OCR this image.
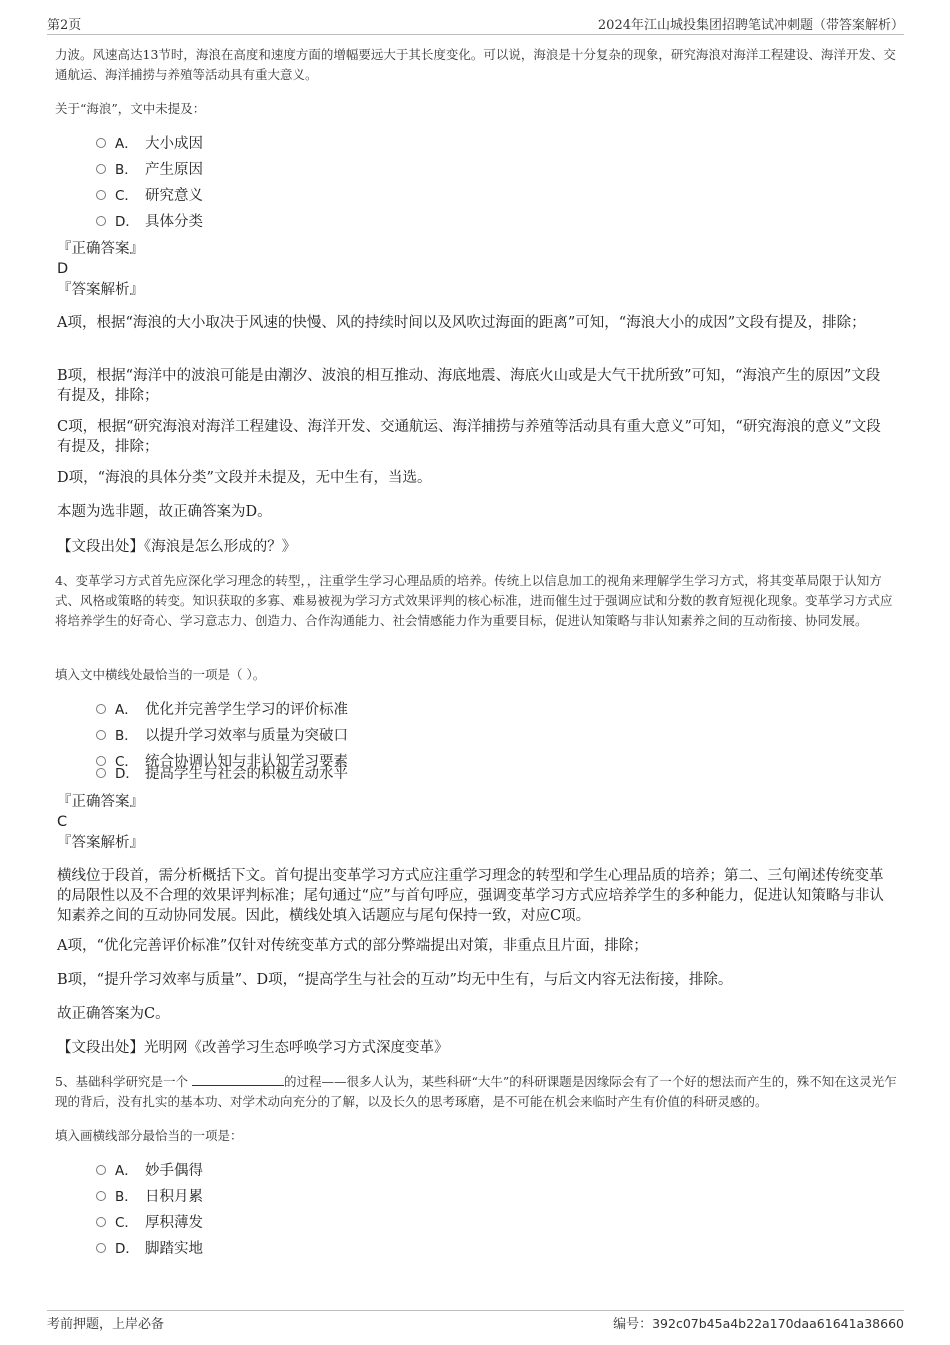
第2页	2024年江山城投集团招聘笔试冲刺题（带答案解析）
力波。风速高达13节时，海浪在高度和速度方面的增幅要远大于其长度变化。可以说，海浪是十分复杂的现象，研究海浪对海洋工程建设、海洋开发、交通航运、海洋捕捞与养殖等活动具有重大意义。
关于“海浪”，文中未提及：
A． 大小成因
B． 产生原因
C． 研究意义
D． 具体分类
『正确答案』
D
『答案解析』
A项，根据“海浪的大小取决于风速的快慢、风的持续时间以及风吹过海面的距离”可知，“海浪大小的成因”文段有提及，排除；
B项，根据“海洋中的波浪可能是由潮汐、波浪的相互推动、海底地震、海底火山或是大气干扰所致”可知，“海浪产生的原因”文段有提及，排除；
C项，根据“研究海浪对海洋工程建设、海洋开发、交通航运、海洋捕捞与养殖等活动具有重大意义”可知，“研究海浪的意义”文段有提及，排除；
D项，“海浪的具体分类”文段并未提及，无中生有，当选。
本题为选非题，故正确答案为D。
【文段出处】《海浪是怎么形成的？》
4、变革学习方式首先应深化学习理念的转型，，注重学生学习心理品质的培养。传统上以信息加工的视角来理解学生学习方式，将其变革局限于认知方式、风格或策略的转变。知识获取的多寡、难易被视为学习方式效果评判的核心标准，进而催生过于强调应试和分数的教育短视化现象。变革学习方式应将培养学生的好奇心、学习意志力、创造力、合作沟通能力、社会情感能力作为重要目标，促进认知策略与非认知素养之间的互动衔接、协同发展。
填入文中横线处最恰当的一项是（ ）。
A． 优化并完善学生学习的评价标准
B． 以提升学习效率与质量为突破口
C． 统合协调认知与非认知学习要素
D． 提高学生与社会的积极互动水平
『正确答案』
C
『答案解析』
横线位于段首，需分析概括下文。首句提出变革学习方式应注重学习理念的转型和学生心理品质的培养；第二、三句阐述传统变革的局限性以及不合理的效果评判标准；尾句通过“应”与首句呼应，强调变革学习方式应培养学生的多种能力，促进认知策略与非认知素养之间的互动协同发展。因此，横线处填入话题应与尾句保持一致，对应C项。
A项，“优化完善评价标准”仅针对传统变革方式的部分弊端提出对策，非重点且片面，排除；
B项，“提升学习效率与质量”、D项，“提高学生与社会的互动”均无中生有，与后文内容无法衔接，排除。
故正确答案为C。
【文段出处】光明网《改善学习生态呼唤学习方式深度变革》
5、基础科学研究是一个	的过程——很多人认为，某些科研“大牛”的科研课题是因缘际会有了一个好的想法而产生的，殊不知在这灵光乍现的背后，没有扎实的基本功、对学术动向充分的了解，以及长久的思考琢磨，是不可能在机会来临时产生有价值的科研灵感的。
填入画横线部分最恰当的一项是：
A． 妙手偶得
B． 日积月累
C． 厚积薄发
D． 脚踏实地
考前押题，上岸必备	编号：392c07b45a4b22a170daa61641a38660
